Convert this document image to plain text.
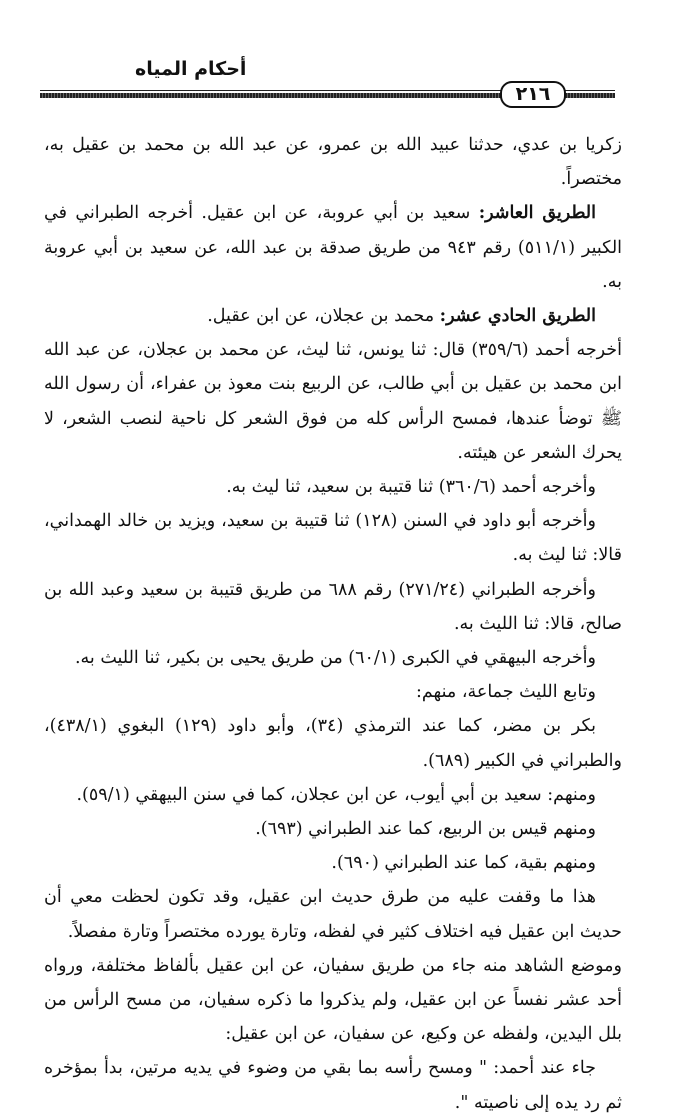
أحكام المياه
٢١٦

زكريا بن عدي، حدثنا عبيد الله بن عمرو، عن عبد الله بن محمد بن عقيل به، مختصراً.

الطريق العاشر: سعيد بن أبي عروبة، عن ابن عقيل. أخرجه الطبراني في الكبير (٥١١/١) رقم ٩٤٣ من طريق صدقة بن عبد الله، عن سعيد بن أبي عروبة به.

الطريق الحادي عشر: محمد بن عجلان، عن ابن عقيل.

أخرجه أحمد (٣٥٩/٦) قال: ثنا يونس، ثنا ليث، عن محمد بن عجلان، عن عبد الله ابن محمد بن عقيل بن أبي طالب، عن الربيع بنت معوذ بن عفراء، أن رسول الله ﷺ توضأ عندها، فمسح الرأس كله من فوق الشعر كل ناحية لنصب الشعر، لا يحرك الشعر عن هيئته.

وأخرجه أحمد (٣٦٠/٦) ثنا قتيبة بن سعيد، ثنا ليث به.

وأخرجه أبو داود في السنن (١٢٨) ثنا قتيبة بن سعيد، ويزيد بن خالد الهمداني، قالا: ثنا ليث به.

وأخرجه الطبراني (٢٧١/٢٤) رقم ٦٨٨ من طريق قتيبة بن سعيد وعبد الله بن صالح، قالا: ثنا الليث به.

وأخرجه البيهقي في الكبرى (٦٠/١) من طريق يحيى بن بكير، ثنا الليث به.

وتابع الليث جماعة، منهم:

بكر بن مضر، كما عند الترمذي (٣٤)، وأبو داود (١٢٩) البغوي (٤٣٨/١)، والطبراني في الكبير (٦٨٩).

ومنهم: سعيد بن أبي أيوب، عن ابن عجلان، كما في سنن البيهقي (٥٩/١).

ومنهم قيس بن الربيع، كما عند الطبراني (٦٩٣).

ومنهم بقية، كما عند الطبراني (٦٩٠).

هذا ما وقفت عليه من طرق حديث ابن عقيل، وقد تكون لحظت معي أن حديث ابن عقيل فيه اختلاف كثير في لفظه، وتارة يورده مختصراً وتارة مفصلاً.

وموضع الشاهد منه جاء من طريق سفيان، عن ابن عقيل بألفاظ مختلفة، ورواه أحد عشر نفساً عن ابن عقيل، ولم يذكروا ما ذكره سفيان، من مسح الرأس من بلل اليدين، ولفظه عن وكيع، عن سفيان، عن ابن عقيل:

جاء عند أحمد: " ومسح رأسه بما بقي من وضوء في يديه مرتين، بدأ بمؤخره ثم رد يده إلى ناصيته ".
